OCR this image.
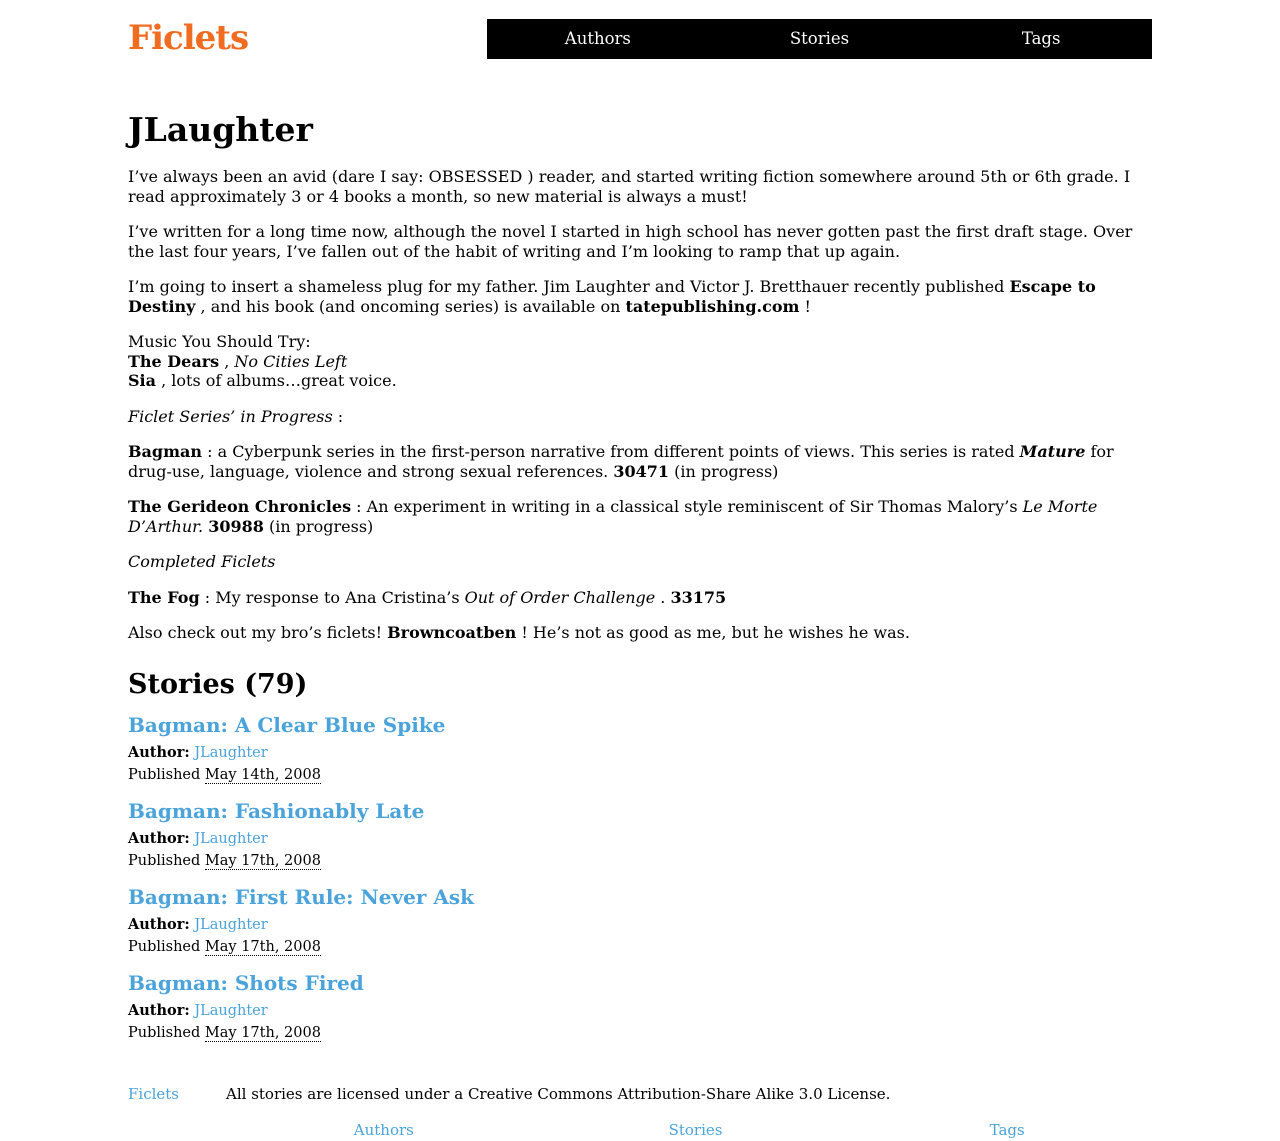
Ficlets	Authors	Stories	Tags
JLaughter

I’ve always been an avid (dare I say: OBSESSED ) reader, and started writing fiction somewhere around 5th or 6th grade. I read approximately 3 or 4 books a month, so new material is always a must!

I’ve written for a long time now, although the novel I started in high school has never gotten past the first draft stage. Over the last four years, I’ve fallen out of the habit of writing and I’m looking to ramp that up again.

I’m going to insert a shameless plug for my father. Jim Laughter and Victor J. Bretthauer recently published Escape to Destiny , and his book (and oncoming series) is available on tatepublishing.com !

Music You Should Try:
The Dears , No Cities Left
Sia , lots of albums…great voice.

Ficlet Series’ in Progress :

Bagman : a Cyberpunk series in the first-person narrative from different points of views. This series is rated Mature for drug-use, language, violence and strong sexual references. 30471 (in progress)

The Gerideon Chronicles : An experiment in writing in a classical style reminiscent of Sir Thomas Malory’s Le Morte D’Arthur. 30988 (in progress)

Completed Ficlets

The Fog : My response to Ana Cristina’s Out of Order Challenge . 33175

Also check out my bro’s ficlets! Browncoatben ! He’s not as good as me, but he wishes he was.

Stories (79)
Bagman: A Clear Blue Spike
Author: JLaughter
Published May 14th, 2008
Bagman: Fashionably Late
Author: JLaughter
Published May 17th, 2008
Bagman: First Rule: Never Ask
Author: JLaughter
Published May 17th, 2008
Bagman: Shots Fired
Author: JLaughter
Published May 17th, 2008
Ficlets	All stories are licensed under a Creative Commons Attribution-Share Alike 3.0 License.
Authors	Stories	Tags
